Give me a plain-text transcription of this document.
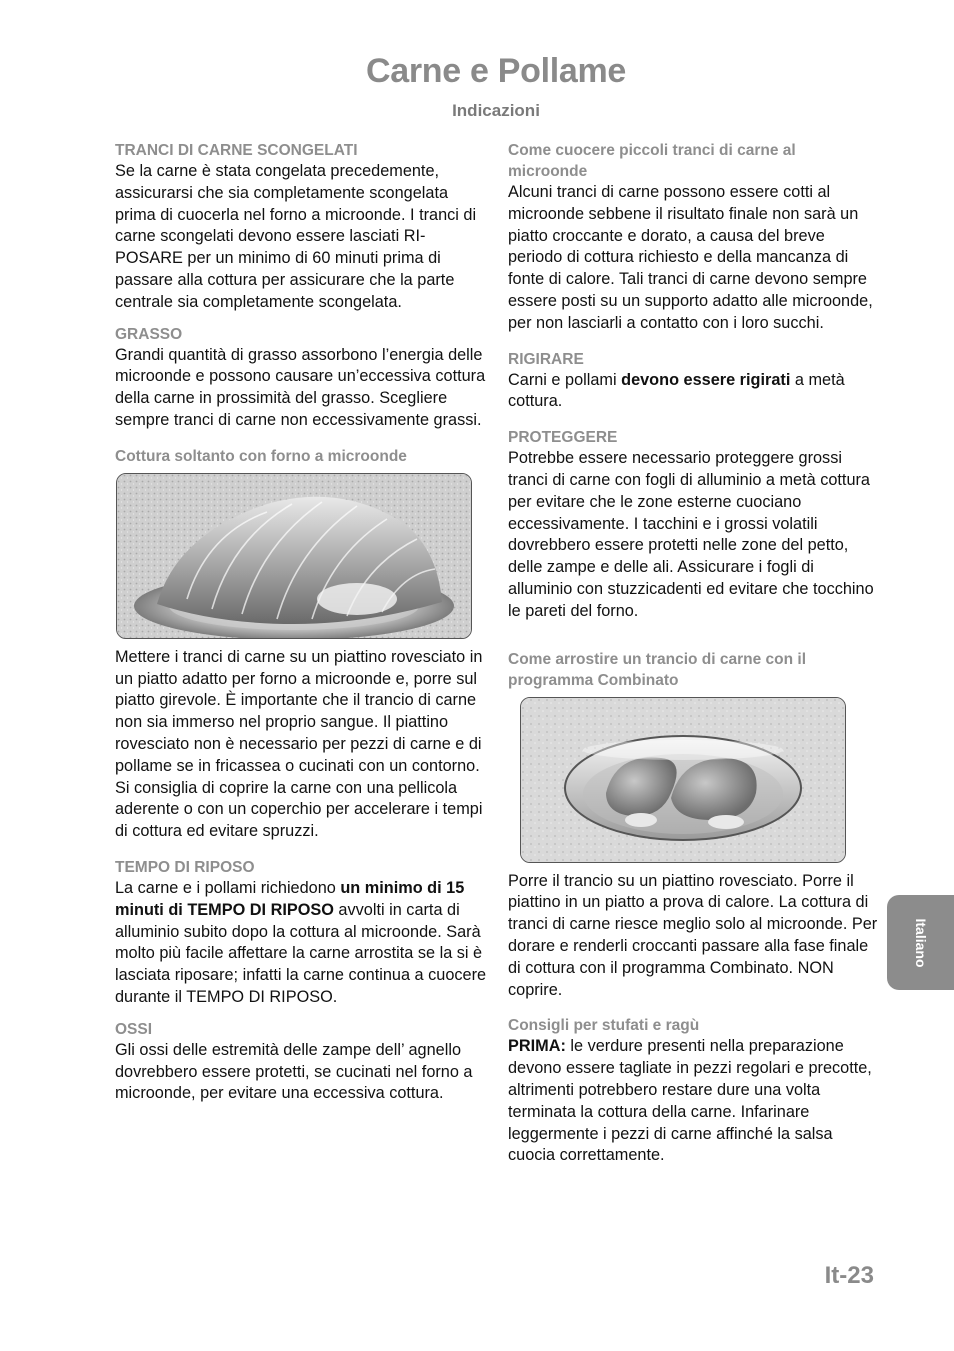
Carne e Pollame
Indicazioni

TRANCI DI CARNE SCONGELATI

Se la carne è stata congelata precedemente, assicurarsi che sia completamente scongelata prima di cuocerla nel forno a microonde. I tranci di carne scongelati devono essere lasciati RI-POSARE per un minimo di 60 minuti prima di passare alla cottura per assicurare che la parte centrale sia completamente scongelata.

GRASSO

Grandi quantità di grasso assorbono l’energia delle microonde e possono causare un’eccessiva cottura della carne in prossimità del grasso. Scegliere sempre tranci di carne non eccessivamente grassi.

Cottura soltanto con forno a microonde

Mettere i tranci di carne su un piattino rovesciato in un piatto adatto per forno a microonde e, porre sul piatto girevole. È importante che il trancio di carne non sia immerso nel proprio sangue. Il piattino rovesciato non è necessario per pezzi di carne e di pollame se in fricassea o cucinati con un contorno.

Si consiglia di coprire la carne con una pellicola aderente o con un coperchio per accelerare i tempi di cottura ed evitare spruzzi.

TEMPO DI RIPOSO

La carne e i pollami richiedono un minimo di 15 minuti di TEMPO DI RIPOSO avvolti in carta di alluminio subito dopo la cottura al microonde. Sarà molto più facile affettare la carne arrostita se la si è lasciata riposare; infatti la carne continua a cuocere durante il TEMPO DI RIPOSO.

OSSI

Gli ossi delle estremità delle zampe dell’ agnello dovrebbero essere protetti, se cucinati nel forno a microonde, per evitare una eccessiva cottura.

Come cuocere piccoli tranci di carne al microonde

Alcuni tranci di carne possono essere cotti al microonde sebbene il risultato finale non sarà un piatto croccante e dorato, a causa del breve periodo di cottura richiesto e della mancanza di fonte di calore. Tali tranci di carne devono sempre essere posti su un supporto adatto alle microonde, per non lasciarli a contatto con i loro succhi.

RIGIRARE

Carni e pollami devono essere rigirati a metà cottura.

PROTEGGERE

Potrebbe essere necessario proteggere grossi tranci di carne con fogli di alluminio a metà cottura per evitare che le zone esterne cuociano eccessivamente. I tacchini e i grossi volatili dovrebbero essere protetti nelle zone del petto, delle zampe e delle ali. Assicurare i fogli di alluminio con stuzzicadenti ed evitare che tocchino le pareti del forno.

Come arrostire un trancio di carne con il programma Combinato

Porre il trancio su un piattino rovesciato. Porre il piattino in un piatto a prova di calore. La cottura di tranci di carne riesce meglio solo al microonde. Per dorare e renderli croccanti passare alla fase finale di cottura con il programma Combinato. NON coprire.

Consigli per stufati e ragù

PRIMA: le verdure presenti nella preparazione devono essere tagliate in pezzi regolari e precotte, altrimenti potrebbero restare dure una volta terminata la cottura della carne. Infarinare leggermente i pezzi di carne affinché la salsa cuocia correttamente.

Italiano
It-23
